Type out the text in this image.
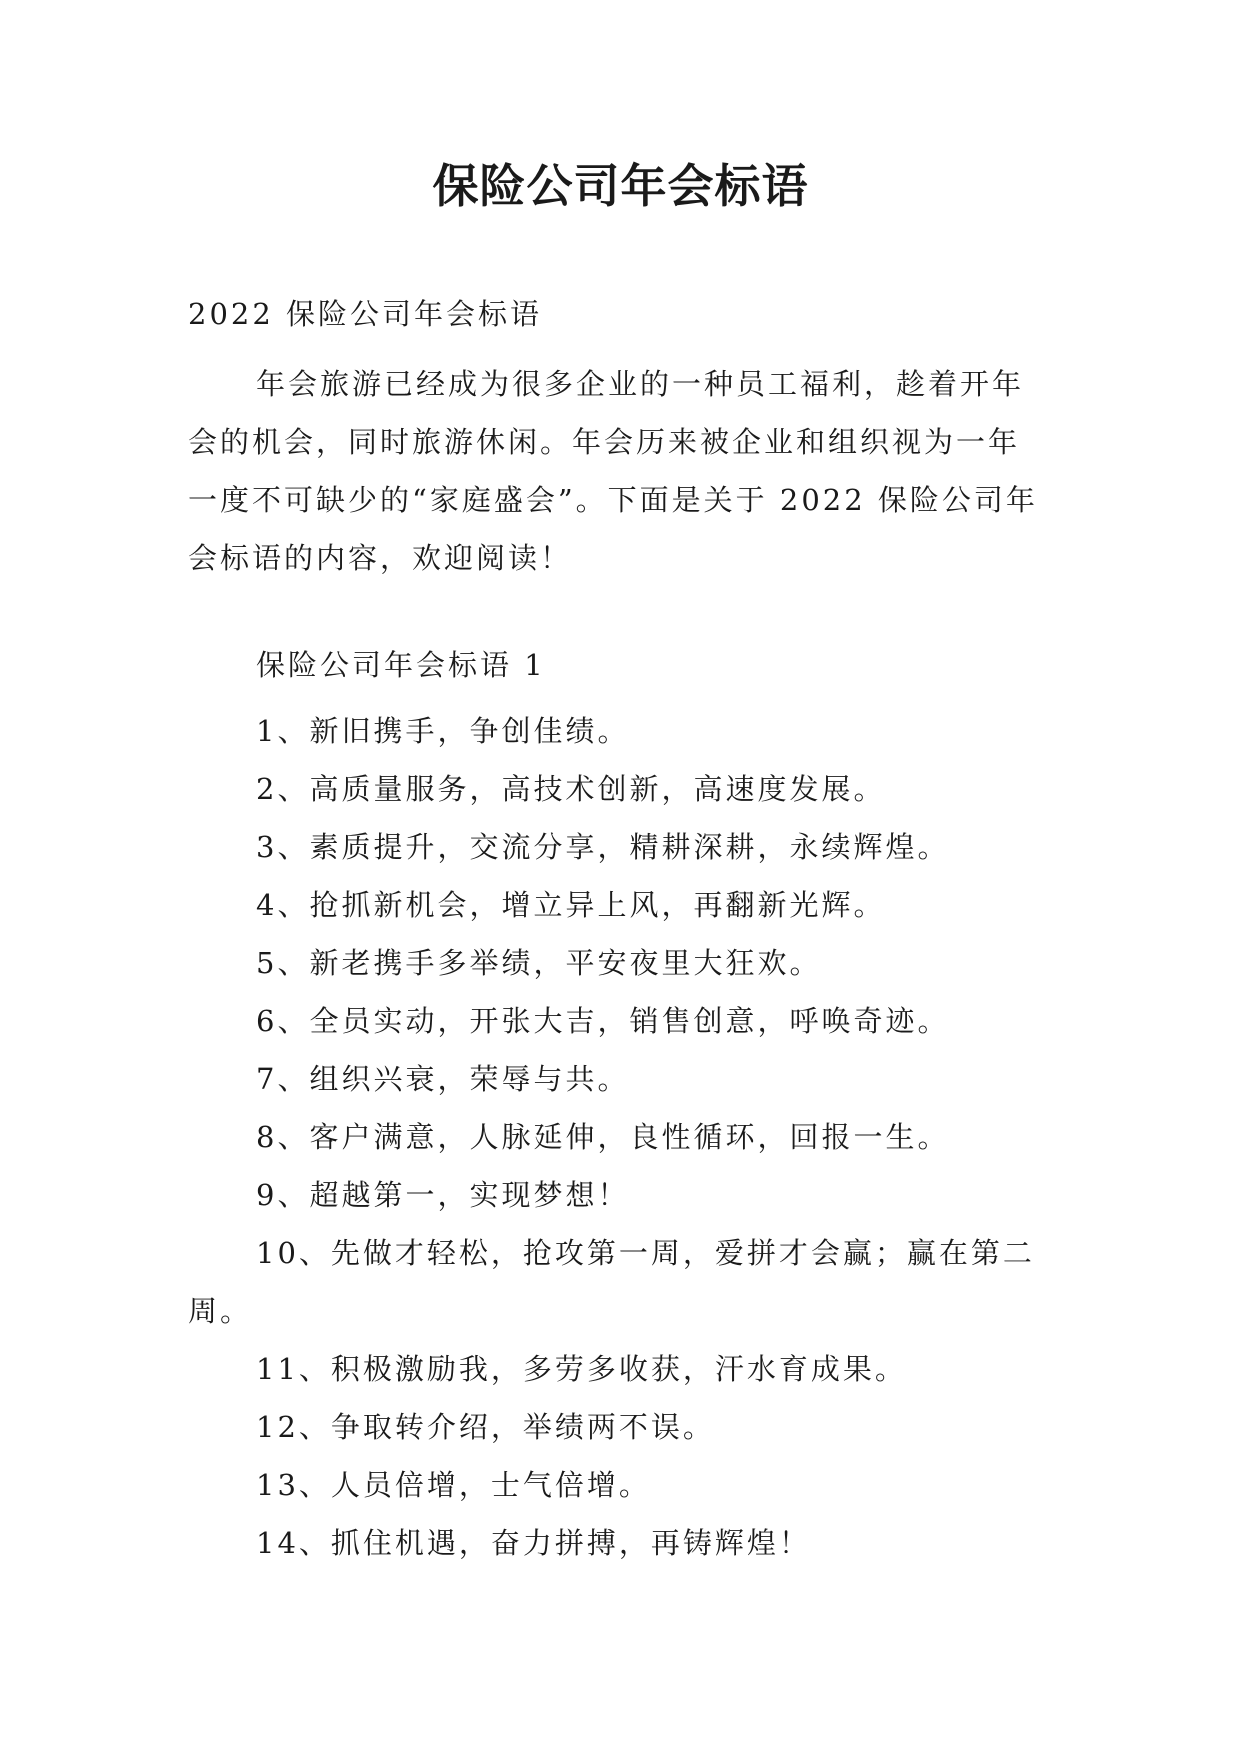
保险公司年会标语
2022 保险公司年会标语
年会旅游已经成为很多企业的一种员工福利，趁着开年
会的机会，同时旅游休闲。年会历来被企业和组织视为一年
一度不可缺少的“家庭盛会”。下面是关于 2022 保险公司年
会标语的内容，欢迎阅读！
保险公司年会标语 1
1、新旧携手，争创佳绩。
2、高质量服务，高技术创新，高速度发展。
3、素质提升，交流分享，精耕深耕，永续辉煌。
4、抢抓新机会，增立异上风，再翻新光辉。
5、新老携手多举绩，平安夜里大狂欢。
6、全员实动，开张大吉，销售创意，呼唤奇迹。
7、组织兴衰，荣辱与共。
8、客户满意，人脉延伸，良性循环，回报一生。
9、超越第一，实现梦想！
10、先做才轻松，抢攻第一周，爱拼才会赢；赢在第二
周。
11、积极激励我，多劳多收获，汗水育成果。
12、争取转介绍，举绩两不误。
13、人员倍增，士气倍增。
14、抓住机遇，奋力拼搏，再铸辉煌！
